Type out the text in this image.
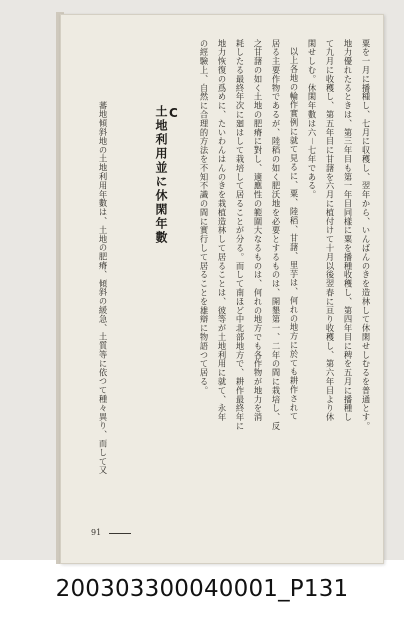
粟を一月に播種し、七月に収穫し、翌年から、いんばんのきを造林して休閑せしむるを普通とす。
地力優れたるときは、第三年目も第一年目同樣に粟を播種收穫し、第四年目に稗を五月に播種し
て九月に收穫し、第五年目に甘藷を六月に植付けて十月以後翌春に亘り收穫し、第六年目より休
閑せしむ。休閑年數は六－七年である。
以上各地の輪作實例に就て見るに、粟、陸稻、甘藷、里芋は、何れの地方に於ても耕作されて
居る主要作物であるが、陸稻の如く肥沃地を必要とするものは、開墾第一、二年の間に栽培し、反
之甘藷の如く土地の肥瘠に對し、適應性の範圍大なるものは、何れの地方でも各作物が地力を消
耗したる最終年次に廻はして栽培して居ることが分る。而して南ほど中北部地方で、耕作最終年に
地力恢復の爲めに、たいわんはんのきを栽植造林して居ることは、彼等が土地利用に就て、永年
の經驗上、自然に合理的方法を不知不識の間に實行して居ることを雄辯に物語つて居る。
C
土地利用並に休閑年數
蕃地傾斜地の土地利用年數は、土地の肥瘠、傾斜の緩急、土質等に依つて種々異り、而して又
91
200303300040001_P131
